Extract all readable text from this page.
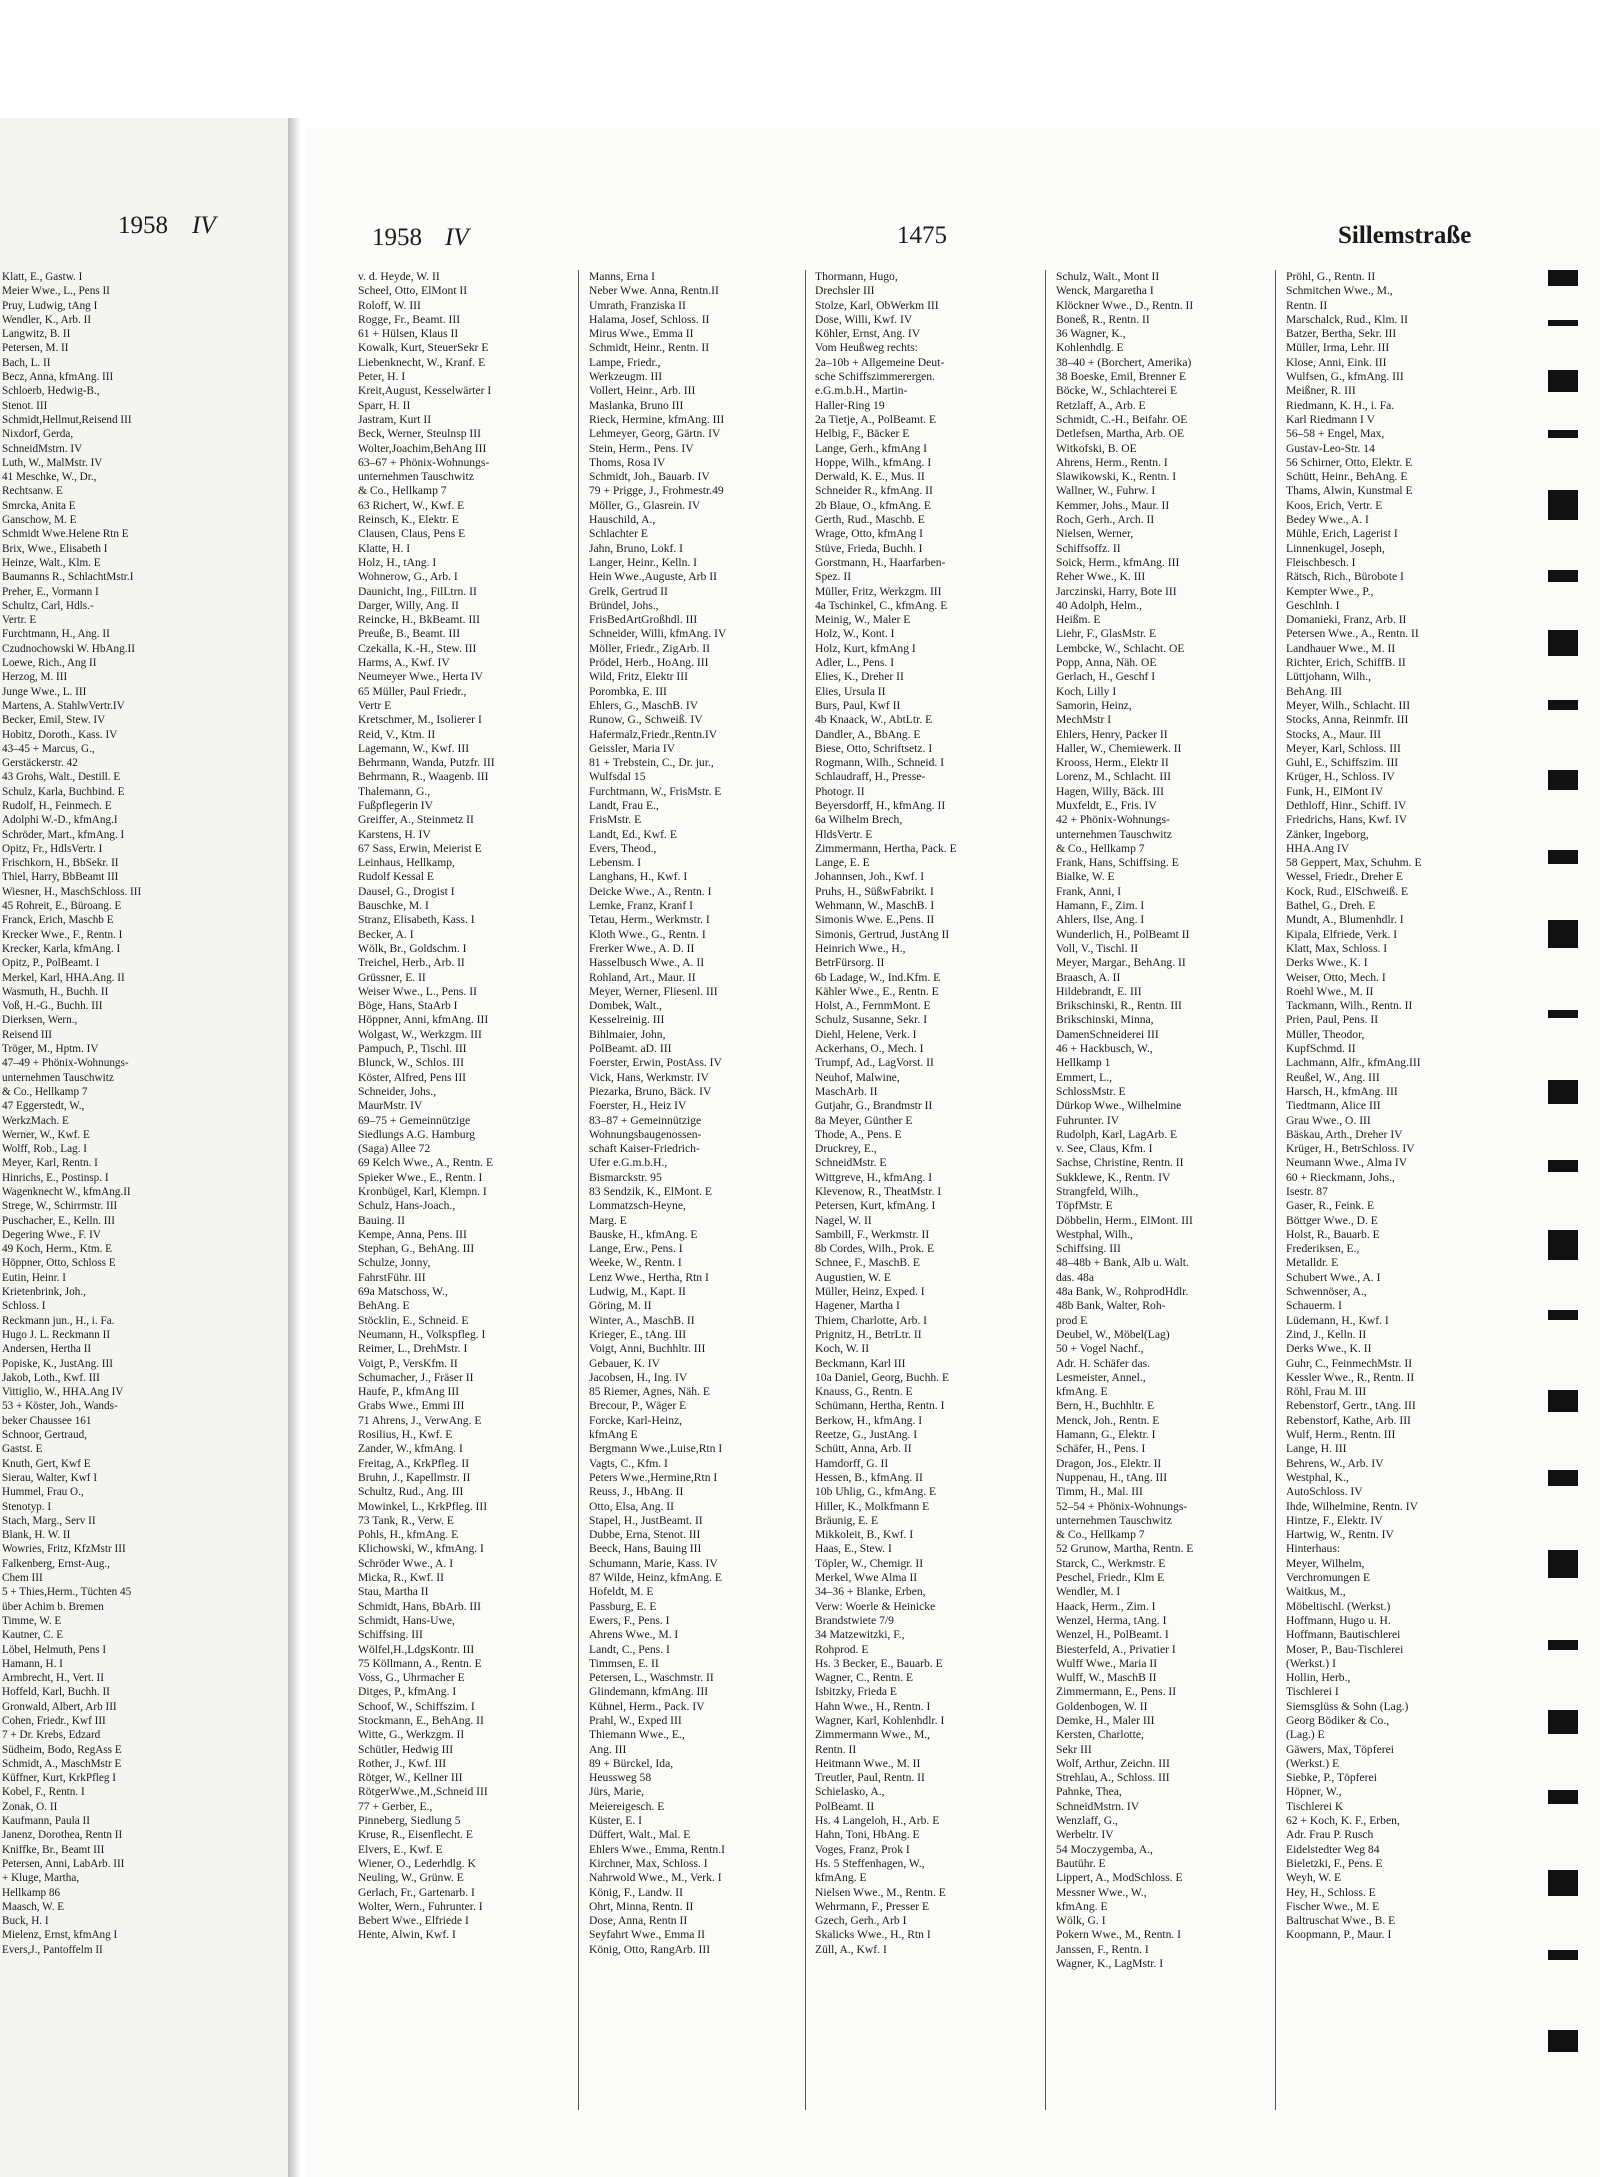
1958 IV	1958 IV	1475	Sillemstraße
Klatt, E., Gastw. I
Meier Wwe., L., Pens II
Pruy, Ludwig, tAng I
Wendler, K., Arb. II
Langwitz, B. II
Petersen, M. II
Bach, L. II
Becz, Anna, kfmAng. III
Schloerb, Hedwig-B.,
Stenot. III
Schmidt,Hellmut,Reisend III
Nixdorf, Gerda,
SchneidMstrn. IV
Luth, W., MalMstr. IV
41 Meschke, W., Dr.,
Rechtsanw. E
Smrcka, Anita E
Ganschow, M. E
Schmidt Wwe.Helene Rtn E
Brix, Wwe., Elisabeth I
Heinze, Walt., Klm. E
Baumanns R., SchlachtMstr.I
Preher, E., Vormann I
Schultz, Carl, Hdls.-
Vertr. E
Furchtmann, H., Ang. II
Czudnochowski W. HbAng.II
Loewe, Rich., Ang II
Herzog, M. III
Junge Wwe., L. III
Martens, A. StahlwVertr.IV
Becker, Emil, Stew. IV
Hobitz, Doroth., Kass. IV
43–45 + Marcus, G.,
Gerstäckerstr. 42
43 Grohs, Walt., Destill. E
Schulz, Karla, Buchbind. E
Rudolf, H., Feinmech. E
Adolphi W.-D., kfmAng.I
Schröder, Mart., kfmAng. I
Opitz, Fr., HdlsVertr. I
Frischkorn, H., BbSekr. II
Thiel, Harry, BbBeamt III
Wiesner, H., MaschSchloss. III
45 Rohreit, E., Büroang. E
Franck, Erich, Maschb E
Krecker Wwe., F., Rentn. I
Krecker, Karla, kfmAng. I
Opitz, P., PolBeamt. I
Merkel, Karl, HHA.Ang. II
Wasmuth, H., Buchh. II
Voß, H.-G., Buchh. III
Dierksen, Wern.,
Reisend III
Tröger, M., Hptm. IV
47–49 + Phönix-Wohnungs-
unternehmen Tauschwitz
& Co., Hellkamp 7
47 Eggerstedt, W.,
WerkzMach. E
Werner, W., Kwf. E
Wolff, Rob., Lag. I
Meyer, Karl, Rentn. I
Hinrichs, E., Postinsp. I
Wagenknecht W., kfmAng.II
Strege, W., Schirrmstr. III
Puschacher, E., Kelln. III
Degering Wwe., F. IV
49 Koch, Herm., Ktm. E
Höppner, Otto, Schloss E
Eutin, Heinr. I
Krietenbrink, Joh.,
Schloss. I
Reckmann jun., H., i. Fa.
Hugo J. L. Reckmann II
Andersen, Hertha II
Popiske, K., JustAng. III
Jakob, Loth., Kwf. III
Vittiglio, W., HHA.Ang IV
53 + Köster, Joh., Wands-
beker Chaussee 161
Schnoor, Gertraud,
Gastst. E
Knuth, Gert, Kwf E
Sierau, Walter, Kwf I
Hummel, Frau O.,
Stenotyp. I
Stach, Marg., Serv II
Blank, H. W. II
Wowries, Fritz, KfzMstr III
Falkenberg, Ernst-Aug.,
Chem III
5 + Thies,Herm., Tüchten 45
über Achim b. Bremen
Timme, W. E
Kautner, C. E
Löbel, Helmuth, Pens I
Hamann, H. I
Armbrecht, H., Vert. II
Hoffeld, Karl, Buchh. II
Gronwald, Albert, Arb III
Cohen, Friedr., Kwf III
7 + Dr. Krebs, Edzard
Südheim, Bodo, RegAss E
Schmidt, A., MaschMstr E
Küffner, Kurt, KrkPfleg I
Kobel, F., Rentn. I
Zonak, O. II
Kaufmann, Paula II
Janenz, Dorothea, Rentn II
Kniffke, Br., Beamt III
Petersen, Anni, LabArb. III
+ Kluge, Martha,
Hellkamp 86
Maasch, W. E
Buck, H. I
Mielenz, Ernst, kfmAng I
Evers,J., Pantoffelm II
v. d. Heyde, W. II
Scheel, Otto, ElMont II
Roloff, W. III
Rogge, Fr., Beamt. III
61 + Hülsen, Klaus II
Kowalk, Kurt, SteuerSekr E
Liebenknecht, W., Kranf. E
Peter, H. I
Kreit,August, Kesselwärter I
Sparr, H. II
Jastram, Kurt II
Beck, Werner, Steulnsp III
Wolter,Joachim,BehAng III
63–67 + Phönix-Wohnungs-
unternehmen Tauschwitz
& Co., Hellkamp 7
63 Richert, W., Kwf. E
Reinsch, K., Elektr. E
Clausen, Claus, Pens E
Klatte, H. I
Holz, H., tAng. I
Wohnerow, G., Arb. I
Daunicht, Ing., FilLtrn. II
Darger, Willy, Ang. II
Reincke, H., BkBeamt. III
Preuße, B., Beamt. III
Czekalla, K.-H., Stew. III
Harms, A., Kwf. IV
Neumeyer Wwe., Herta IV
65 Müller, Paul Friedr.,
Vertr E
Kretschmer, M., Isolierer I
Reid, V., Ktm. II
Lagemann, W., Kwf. III
Behrmann, Wanda, Putzfr. III
Behrmann, R., Waagenb. III
Thalemann, G.,
Fußpflegerin IV
Greiffer, A., Steinmetz II
Karstens, H. IV
67 Sass, Erwin, Meierist E
Leinhaus, Hellkamp,
Rudolf Kessal E
Dausel, G., Drogist I
Bauschke, M. I
Stranz, Elisabeth, Kass. I
Becker, A. I
Wölk, Br., Goldschm. I
Treichel, Herb., Arb. II
Grüssner, E. II
Weiser Wwe., L., Pens. II
Böge, Hans, StaArb I
Höppner, Anni, kfmAng. III
Wolgast, W., Werkzgm. III
Pampuch, P., Tischl. III
Blunck, W., Schlos. III
Köster, Alfred, Pens III
Schneider, Johs.,
MaurMstr. IV
69–75 + Gemeinnützige
Siedlungs A.G. Hamburg
(Saga) Allee 72
69 Kelch Wwe., A., Rentn. E
Spieker Wwe., E., Rentn. I
Kronbügel, Karl, Klempn. I
Schulz, Hans-Joach.,
Bauing. II
Kempe, Anna, Pens. III
Stephan, G., BehAng. III
Schulze, Jonny,
FahrstFühr. III
69a Matschoss, W.,
BehAng. E
Stöcklin, E., Schneid. E
Neumann, H., Volkspfleg. I
Reimer, L., DrehMstr. I
Voigt, P., VersKfm. II
Schumacher, J., Fräser II
Haufe, P., kfmAng III
Grabs Wwe., Emmi III
71 Ahrens, J., VerwAng. E
Rosilius, H., Kwf. E
Zander, W., kfmAng. I
Freitag, A., KrkPfleg. II
Bruhn, J., Kapellmstr. II
Schultz, Rud., Ang. III
Mowinkel, L., KrkPfleg. III
73 Tank, R., Verw. E
Pohls, H., kfmAng. E
Klichowski, W., kfmAng. I
Schröder Wwe., A. I
Micka, R., Kwf. II
Stau, Martha II
Schmidt, Hans, BbArb. III
Schmidt, Hans-Uwe,
Schiffsing. III
Wölfel,H.,LdgsKontr. III
75 Köllmann, A., Rentn. E
Voss, G., Uhrmacher E
Ditges, P., kfmAng. I
Schoof, W., Schiffszim. I
Stockmann, E., BehAng. II
Witte, G., Werkzgm. II
Schütler, Hedwig III
Rother, J., Kwf. III
Rötger, W., Kellner III
RötgerWwe.,M.,Schneid III
77 + Gerber, E.,
Pinneberg, Siedlung 5
Kruse, R., Eisenflecht. E
Elvers, E., Kwf. E
Wiener, O., Lederhdlg. K
Neuling, W., Grünw. E
Gerlach, Fr., Gartenarb. I
Wolter, Wern., Fuhrunter. I
Bebert Wwe., Elfriede I
Hente, Alwin, Kwf. I
Manns, Erna I
Neber Wwe. Anna, Rentn.II
Umrath, Franziska II
Halama, Josef, Schloss. II
Mirus Wwe., Emma II
Schmidt, Heinr., Rentn. II
Lampe, Friedr.,
Werkzeugm. III
Vollert, Heinr., Arb. III
Maslanka, Bruno III
Rieck, Hermine, kfmAng. III
Lehmeyer, Georg, Gärtn. IV
Stein, Herm., Pens. IV
Thoms, Rosa IV
Schmidt, Joh., Bauarb. IV
79 + Prigge, J., Frohmestr.49
Möller, G., Glasrein. IV
Hauschild, A.,
Schlachter E
Jahn, Bruno, Lokf. I
Langer, Heinr., Kelln. I
Hein Wwe.,Auguste, Arb II
Grelk, Gertrud II
Bründel, Johs.,
FrisBedArtGroßhdl. III
Schneider, Willi, kfmAng. IV
Möller, Friedr., ZigArb. II
Prödel, Herb., HoAng. III
Wild, Fritz, Elektr III
Porombka, E. III
Ehlers, G., MaschB. IV
Runow, G., Schweiß. IV
Hafermalz,Friedr.,Rentn.IV
Geissler, Maria IV
81 + Trebstein, C., Dr. jur.,
Wulfsdal 15
Furchtmann, W., FrisMstr. E
Landt, Frau E.,
FrisMstr. E
Landt, Ed., Kwf. E
Evers, Theod.,
Lebensm. I
Langhans, H., Kwf. I
Deicke Wwe., A., Rentn. I
Lemke, Franz, Kranf I
Tetau, Herm., Werkmstr. I
Kloth Wwe., G., Rentn. I
Frerker Wwe., A. D. II
Hasselbusch Wwe., A. II
Rohland, Art., Maur. II
Meyer, Werner, Fliesenl. III
Dombek, Walt.,
Kesselreinig. III
Bihlmaier, John,
PolBeamt. aD. III
Foerster, Erwin, PostAss. IV
Vick, Hans, Werkmstr. IV
Piezarka, Bruno, Bäck. IV
Foerster, H., Heiz IV
83–87 + Gemeinnützige
Wohnungsbaugenossen-
schaft Kaiser-Friedrich-
Ufer e.G.m.b.H.,
Bismarckstr. 95
83 Sendzik, K., ElMont. E
Lommatzsch-Heyne,
Marg. E
Bauske, H., kfmAng. E
Lange, Erw., Pens. I
Weeke, W., Rentn. I
Lenz Wwe., Hertha, Rtn I
Ludwig, M., Kapt. II
Göring, M. II
Winter, A., MaschB. II
Krieger, E., tAng. III
Voigt, Anni, Buchhltr. III
Gebauer, K. IV
Jacobsen, H., Ing. IV
85 Riemer, Agnes, Näh. E
Brecour, P., Wäger E
Forcke, Karl-Heinz,
kfmAng E
Bergmann Wwe.,Luise,Rtn I
Vagts, C., Kfm. I
Peters Wwe.,Hermine,Rtn I
Reuss, J., HbAng. II
Otto, Elsa, Ang. II
Stapel, H., JustBeamt. II
Dubbe, Erna, Stenot. III
Beeck, Hans, Bauing III
Schumann, Marie, Kass. IV
87 Wilde, Heinz, kfmAng. E
Hofeldt, M. E
Passburg, E. E
Ewers, F., Pens. I
Ahrens Wwe., M. I
Landt, C., Pens. I
Timmsen, E. II
Petersen, L., Waschmstr. II
Glindemann, kfmAng. III
Kühnel, Herm., Pack. IV
Prahl, W., Exped III
Thiemann Wwe., E.,
Ang. III
89 + Bürckel, Ida,
Heussweg 58
Jürs, Marie,
Meiereigesch. E
Küster, E. I
Düffert, Walt., Mal. E
Ehlers Wwe., Emma, Rentn.I
Kirchner, Max, Schloss. I
Nahrwold Wwe., M., Verk. I
König, F., Landw. II
Ohrt, Minna, Rentn. II
Dose, Anna, Rentn II
Seyfahrt Wwe., Emma II
König, Otto, RangArb. III
Thormann, Hugo,
Drechsler III
Stolze, Karl, ObWerkm III
Dose, Willi, Kwf. IV
Köhler, Ernst, Ang. IV
Vom Heußweg rechts:
2a–10b + Allgemeine Deut-
sche Schiffszimmerergen.
e.G.m.b.H., Martin-
Haller-Ring 19
2a Tietje, A., PolBeamt. E
Helbig, F., Bäcker E
Lange, Gerh., kfmAng I
Hoppe, Wilh., kfmAng. I
Derwald, K. E., Mus. II
Schneider R., kfmAng. II
2b Blaue, O., kfmAng. E
Gerth, Rud., Maschb. E
Wrage, Otto, kfmAng I
Stüve, Frieda, Buchh. I
Gorstmann, H., Haarfarben-
Spez. II
Müller, Fritz, Werkzgm. III
4a Tschinkel, C., kfmAng. E
Meinig, W., Maler E
Holz, W., Kont. I
Holz, Kurt, kfmAng I
Adler, L., Pens. I
Elies, K., Dreher II
Elies, Ursula II
Burs, Paul, Kwf II
4b Knaack, W., AbtLtr. E
Dandler, A., BbAng. E
Biese, Otto, Schriftsetz. I
Rogmann, Wilh., Schneid. I
Schlaudraff, H., Presse-
Photogr. II
Beyersdorff, H., kfmAng. II
6a Wilhelm Brech,
HldsVertr. E
Zimmermann, Hertha, Pack. E
Lange, E. E
Johannsen, Joh., Kwf. I
Pruhs, H., SüßwFabrikt. I
Wehmann, W., MaschB. I
Simonis Wwe. E.,Pens. II
Simonis, Gertrud, JustAng II
Heinrich Wwe., H.,
BetrFürsorg. II
6b Ladage, W., Ind.Kfm. E
Kähler Wwe., E., Rentn. E
Holst, A., FernmMont. E
Schulz, Susanne, Sekr. I
Diehl, Helene, Verk. I
Ackerhans, O., Mech. I
Trumpf, Ad., LagVorst. II
Neuhof, Malwine,
MaschArb. II
Gutjahr, G., Brandmstr II
8a Meyer, Günther E
Thode, A., Pens. E
Druckrey, E.,
SchneidMstr. E
Wittgreve, H., kfmAng. I
Klevenow, R., TheatMstr. I
Petersen, Kurt, kfmAng. I
Nagel, W. II
Sambill, F., Werkmstr. II
8b Cordes, Wilh., Prok. E
Schnee, F., MaschB. E
Augustien, W. E
Müller, Heinz, Exped. I
Hagener, Martha I
Thiem, Charlotte, Arb. I
Prignitz, H., BetrLtr. II
Koch, W. II
Beckmann, Karl III
10a Daniel, Georg, Buchh. E
Knauss, G., Rentn. E
Schümann, Hertha, Rentn. I
Berkow, H., kfmAng. I
Reetze, G., JustAng. I
Schütt, Anna, Arb. II
Hamdorff, G. II
Hessen, B., kfmAng. II
10b Uhlig, G., kfmAng. E
Hiller, K., Molkfmann E
Bräunig, E. E
Mikkoleit, B., Kwf. I
Haas, E., Stew. I
Töpler, W., Chemigr. II
Merkel, Wwe Alma II
34–36 + Blanke, Erben,
Verw: Woerle & Heinicke
Brandstwiete 7/9
34 Matzewitzki, F.,
Rohprod. E
Hs. 3 Becker, E., Bauarb. E
Wagner, C., Rentn. E
Isbitzky, Frieda E
Hahn Wwe., H., Rentn. I
Wagner, Karl, Kohlenhdlr. I
Zimmermann Wwe., M.,
Rentn. II
Heitmann Wwe., M. II
Treutler, Paul, Rentn. II
Schielasko, A.,
PolBeamt. II
Hs. 4 Langeloh, H., Arb. E
Hahn, Toni, HbAng. E
Voges, Franz, Prok I
Hs. 5 Steffenhagen, W.,
kfmAng. E
Nielsen Wwe., M., Rentn. E
Wehrmann, F., Presser E
Gzech, Gerh., Arb I
Skalicks Wwe., H., Rtn I
Züll, A., Kwf. I
Schulz, Walt., Mont II
Wenck, Margaretha I
Klöckner Wwe., D., Rentn. II
Boneß, R., Rentn. II
36 Wagner, K.,
Kohlenhdlg. E
38–40 + (Borchert, Amerika)
38 Boeske, Emil, Brenner E
Böcke, W., Schlachterei E
Retzlaff, A., Arb. E
Schmidt, C.-H., Beifahr. OE
Detlefsen, Martha, Arb. OE
Witkofski, B. OE
Ahrens, Herm., Rentn. I
Slawikowski, K., Rentn. I
Wallner, W., Fuhrw. I
Kemmer, Johs., Maur. II
Roch, Gerh., Arch. II
Nielsen, Werner,
Schiffsoffz. II
Soick, Herm., kfmAng. III
Reher Wwe., K. III
Jarczinski, Harry, Bote III
40 Adolph, Helm.,
Heißm. E
Liehr, F., GlasMstr. E
Lembcke, W., Schlacht. OE
Popp, Anna, Näh. OE
Gerlach, H., Geschf I
Koch, Lilly I
Samorin, Heinz,
MechMstr I
Ehlers, Henry, Packer II
Haller, W., Chemiewerk. II
Krooss, Herm., Elektr II
Lorenz, M., Schlacht. III
Hagen, Willy, Bäck. III
Muxfeldt, E., Fris. IV
42 + Phönix-Wohnungs-
unternehmen Tauschwitz
& Co., Hellkamp 7
Frank, Hans, Schiffsing. E
Bialke, W. E
Frank, Anni, I
Hamann, F., Zim. I
Ahlers, Ilse, Ang. I
Wunderlich, H., PolBeamt II
Voll, V., Tischl. II
Meyer, Margar., BehAng. II
Braasch, A. II
Hildebrandt, E. III
Brikschinski, R., Rentn. III
Brikschinski, Minna,
DamenSchneiderei III
46 + Hackbusch, W.,
Hellkamp 1
Emmert, L.,
SchlossMstr. E
Dürkop Wwe., Wilhelmine
Fuhrunter. IV
Rudolph, Karl, LagArb. E
v. See, Claus, Kfm. I
Sachse, Christine, Rentn. II
Sukklewe, K., Rentn. IV
Strangfeld, Wilh.,
TöpfMstr. E
Döbbelin, Herm., ElMont. III
Westphal, Wilh.,
Schiffsing. III
48–48b + Bank, Alb u. Walt.
das. 48a
48a Bank, W., RohprodHdlr.
48b Bank, Walter, Roh-
prod E
Deubel, W., Möbel(Lag)
50 + Vogel Nachf.,
Adr. H. Schäfer das.
Lesmeister, Annel.,
kfmAng. E
Bern, H., Buchhltr. E
Menck, Joh., Rentn. E
Hamann, G., Elektr. I
Schäfer, H., Pens. I
Dragon, Jos., Elektr. II
Nuppenau, H., tAng. III
Timm, H., Mal. III
52–54 + Phönix-Wohnungs-
unternehmen Tauschwitz
& Co., Hellkamp 7
52 Grunow, Martha, Rentn. E
Starck, C., Werkmstr. E
Peschel, Friedr., Klm E
Wendler, M. I
Haack, Herm., Zim. I
Wenzel, Herma, tAng. I
Wenzel, H., PolBeamt. I
Biesterfeld, A., Privatier I
Wulff Wwe., Maria II
Wulff, W., MaschB II
Zimmermann, E., Pens. II
Goldenbogen, W. II
Demke, H., Maler III
Kersten, Charlotte,
Sekr III
Wolf, Arthur, Zeichn. III
Strehlau, A., Schloss. III
Pahnke, Thea,
SchneidMstrn. IV
Wenzlaff, G.,
Werbeltr. IV
54 Moczygemba, A.,
Bautühr. E
Lippert, A., ModSchloss. E
Messner Wwe., W.,
kfmAng. E
Wölk, G. I
Pokern Wwe., M., Rentn. I
Janssen, F., Rentn. I
Wagner, K., LagMstr. I
Pröhl, G., Rentn. II
Schmitchen Wwe., M.,
Rentn. II
Marschalck, Rud., Klm. II
Batzer, Bertha, Sekr. III
Müller, Irma, Lehr. III
Klose, Anni, Eink. III
Wulfsen, G., kfmAng. III
Meißner, R. III
Riedmann, K. H., i. Fa.
Karl Riedmann I V
56–58 + Engel, Max,
Gustav-Leo-Str. 14
56 Schirner, Otto, Elektr. E
Schütt, Heinr., BehAng. E
Thams, Alwin, Kunstmal E
Koos, Erich, Vertr. E
Bedey Wwe., A. I
Mühle, Erich, Lagerist I
Linnenkugel, Joseph,
Fleischbesch. I
Rätsch, Rich., Bürobote I
Kempter Wwe., P.,
Geschlnh. I
Domanieki, Franz, Arb. II
Petersen Wwe., A., Rentn. II
Landhauer Wwe., M. II
Richter, Erich, SchiffB. II
Lüttjohann, Wilh.,
BehAng. III
Meyer, Wilh., Schlacht. III
Stocks, Anna, Reinmfr. III
Stocks, A., Maur. III
Meyer, Karl, Schloss. III
Guhl, E., Schiffszim. III
Krüger, H., Schloss. IV
Funk, H., ElMont IV
Dethloff, Hinr., Schiff. IV
Friedrichs, Hans, Kwf. IV
Zänker, Ingeborg,
HHA.Ang IV
58 Geppert, Max, Schuhm. E
Wessel, Friedr., Dreher E
Kock, Rud., ElSchweiß. E
Bathel, G., Dreh. E
Mundt, A., Blumenhdlr. I
Kipala, Elfriede, Verk. I
Klatt, Max, Schloss. I
Derks Wwe., K. I
Weiser, Otto, Mech. I
Roehl Wwe., M. II
Tackmann, Wilh., Rentn. II
Prien, Paul, Pens. II
Müller, Theodor,
KupfSchmd. II
Lachmann, Alfr., kfmAng.III
Reußel, W., Ang. III
Harsch, H., kfmAng. III
Tiedtmann, Alice III
Grau Wwe., O. III
Bäskau, Arth., Dreher IV
Krüger, H., BetrSchloss. IV
Neumann Wwe., Alma IV
60 + Rieckmann, Johs.,
Isestr. 87
Gaser, R., Feink. E
Böttger Wwe., D. E
Holst, R., Bauarb. E
Frederiksen, E.,
Metalldr. E
Schubert Wwe., A. I
Schwennöser, A.,
Schauerm. I
Lüdemann, H., Kwf. I
Zind, J., Kelln. II
Derks Wwe., K. II
Guhr, C., FeinmechMstr. II
Kessler Wwe., R., Rentn. II
Röhl, Frau M. III
Rebenstorf, Gertr., tAng. III
Rebenstorf, Kathe, Arb. III
Wulf, Herm., Rentn. III
Lange, H. III
Behrens, W., Arb. IV
Westphal, K.,
AutoSchloss. IV
Ihde, Wilhelmine, Rentn. IV
Hintze, F., Elektr. IV
Hartwig, W., Rentn. IV
Hinterhaus:
Meyer, Wilhelm,
Verchromungen E
Waitkus, M.,
Möbeltischl. (Werkst.)
Hoffmann, Hugo u. H.
Hoffmann, Bautischlerei
Moser, P., Bau-Tischlerei
(Werkst.) I
Hollin, Herb.,
Tischlerei I
Siemsglüss & Sohn (Lag.)
Georg Bödiker & Co.,
(Lag.) E
Gäwers, Max, Töpferei
(Werkst.) E
Siebke, P., Töpferei
Höpner, W.,
Tischlerei K
62 + Koch, K. F., Erben,
Adr. Frau P. Rusch
Eidelstedter Weg 84
Bieletzki, F., Pens. E
Weyh, W. E
Hey, H., Schloss. E
Fischer Wwe., M. E
Baltruschat Wwe., B. E
Koopmann, P., Maur. I
